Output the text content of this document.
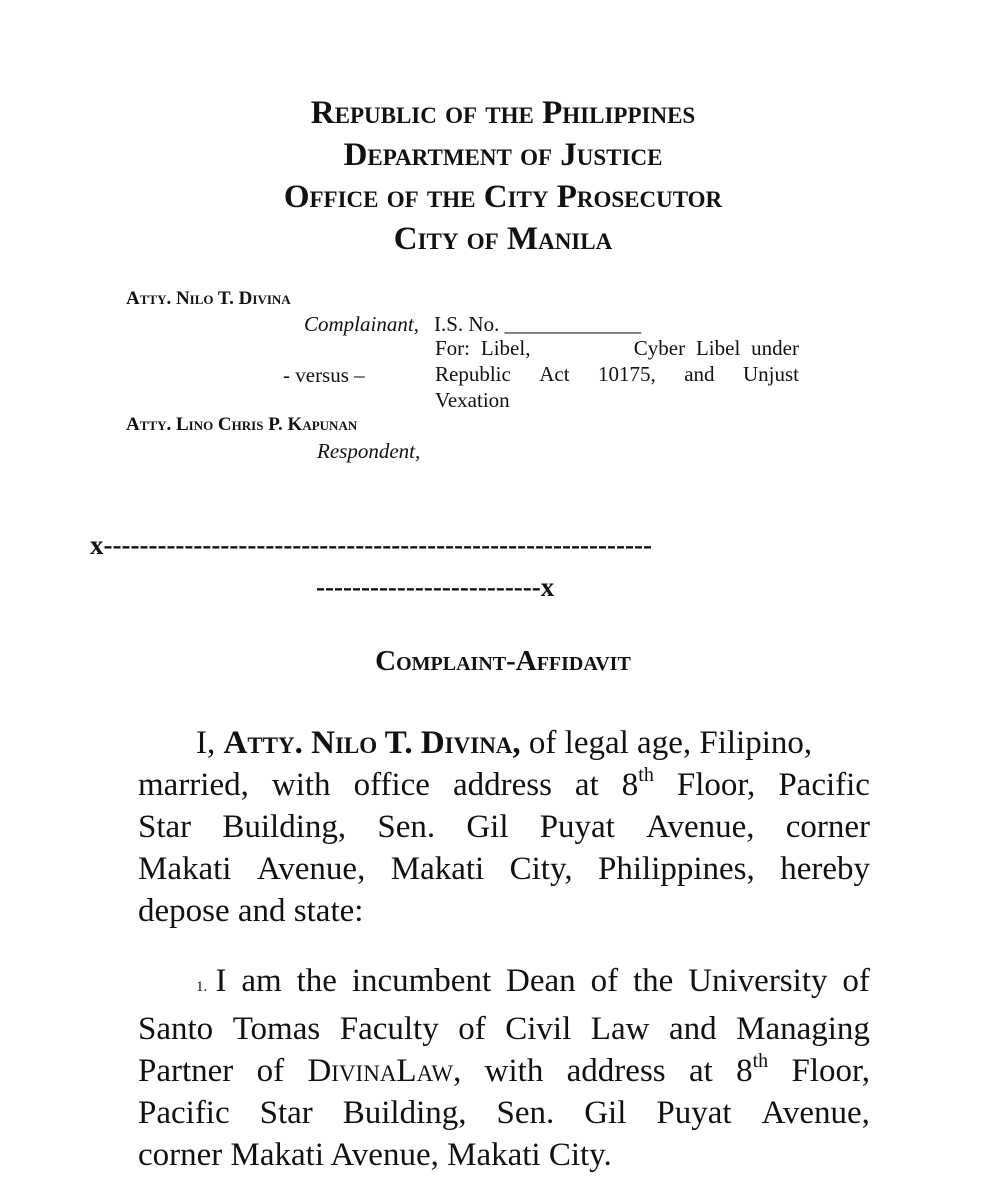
Republic of the Philippines
Department of Justice
Office of the City Prosecutor
City of Manila
Atty. Nilo T. Divina
Complainant, I.S. No. _____________
- versus –
Atty. Lino Chris P. Kapunan
Respondent,
For: Libel,	Cyber Libel under
Republic Act 10175, and Unjust
Vexation
x-------------------------------------------------------------
-------------------------x
Complaint-Affidavit
I,
Atty. Nilo T. Divina,
of legal age, Filipino,
married, with office address at 8th Floor, Pacific
Star Building, Sen. Gil Puyat Avenue, corner
Makati Avenue, Makati City, Philippines, hereby
depose and state:
1. I am the incumbent Dean of the University of
Santo Tomas Faculty of Civil Law and Managing
Partner of DivinaLaw, with address at 8th Floor,
Pacific Star Building, Sen. Gil Puyat Avenue,
corner Makati Avenue, Makati City.
